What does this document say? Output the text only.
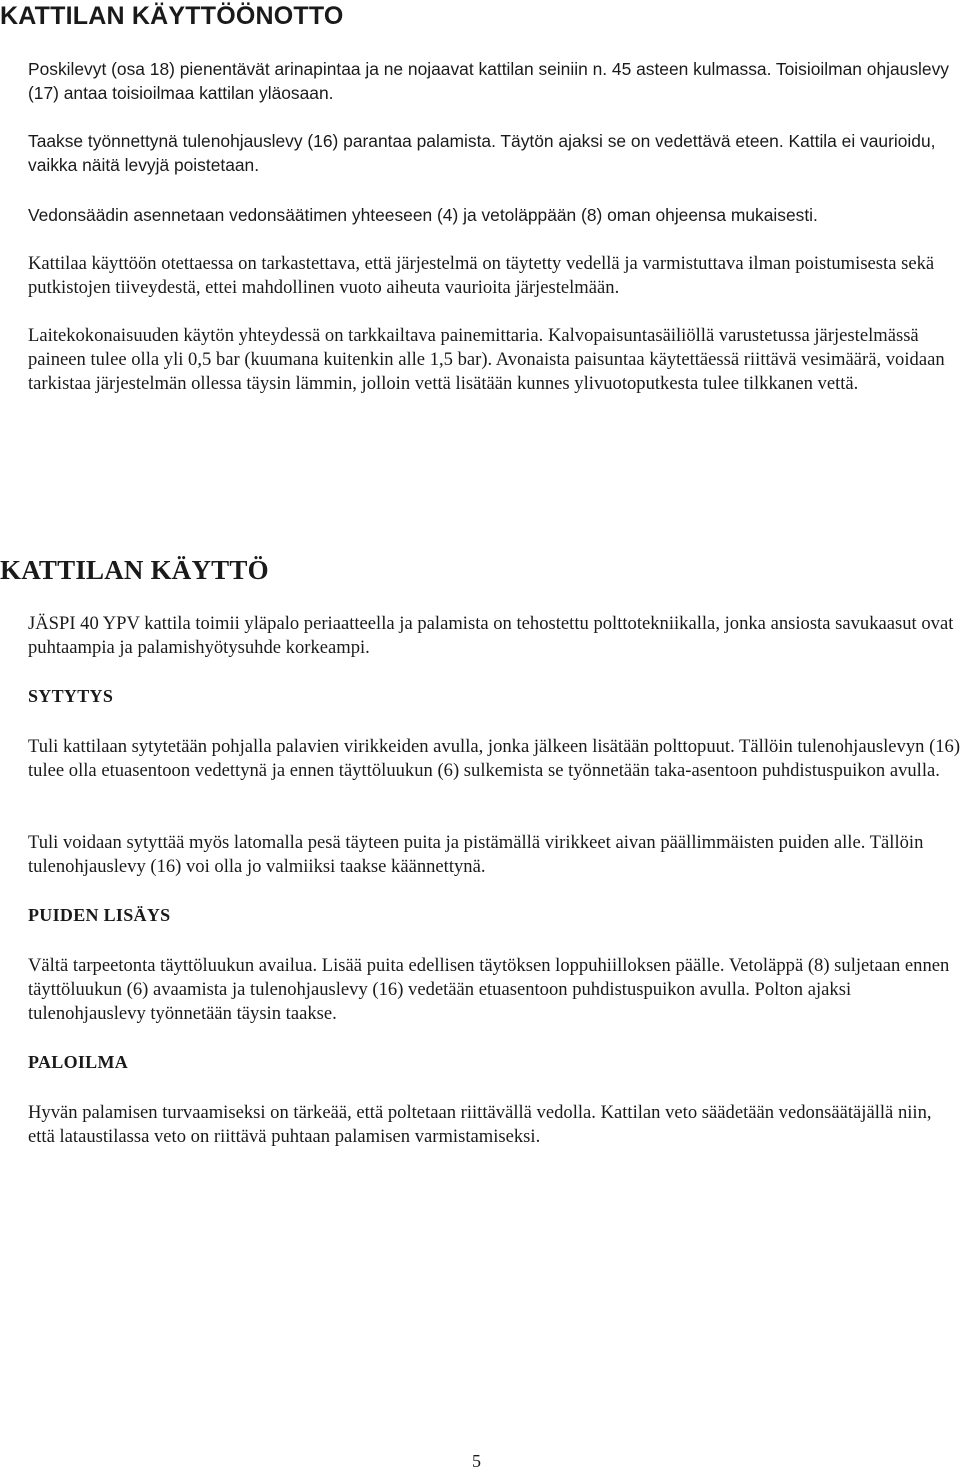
KATTILAN KÄYTTÖÖNOTTO

Poskilevyt (osa 18) pienentävät arinapintaa ja ne nojaavat kattilan seiniin n. 45 asteen kulmassa. Toisioilman ohjauslevy (17) antaa toisioilmaa kattilan yläosaan.

Taakse työnnettynä tulenohjauslevy (16) parantaa palamista. Täytön ajaksi se on vedettävä eteen. Kattila ei vaurioidu, vaikka näitä levyjä poistetaan.

Vedonsäädin asennetaan vedonsäätimen yhteeseen (4) ja vetoläppään (8) oman ohjeensa mukaisesti.

Kattilaa käyttöön otettaessa on tarkastettava, että järjestelmä on täytetty vedellä ja varmistuttava ilman poistumisesta sekä putkistojen tiiveydestä, ettei mahdollinen vuoto aiheuta vaurioita järjestelmään.

Laitekokonaisuuden käytön yhteydessä on tarkkailtava painemittaria. Kalvopaisuntasäiliöllä varustetussa järjestelmässä paineen tulee olla yli 0,5 bar (kuumana kuitenkin alle 1,5 bar). Avonaista paisuntaa käytettäessä riittävä vesimäärä, voidaan tarkistaa järjestelmän ollessa täysin lämmin, jolloin vettä lisätään kunnes ylivuotoputkesta tulee tilkkanen vettä.

KATTILAN KÄYTTÖ

JÄSPI 40 YPV kattila toimii yläpalo periaatteella ja palamista on tehostettu polttotekniikalla, jonka ansiosta savukaasut ovat puhtaampia ja palamishyötysuhde korkeampi.

SYTYTYS

Tuli kattilaan sytytetään pohjalla palavien virikkeiden avulla, jonka jälkeen lisätään polttopuut. Tällöin tulenohjauslevyn (16) tulee olla etuasentoon vedettynä ja ennen täyttöluukun (6) sulkemista se työnnetään taka-asentoon puhdistuspuikon avulla.

Tuli voidaan sytyttää myös latomalla pesä täyteen puita ja pistämällä virikkeet aivan päällimmäisten puiden alle. Tällöin tulenohjauslevy (16) voi olla jo valmiiksi taakse käännettynä.

PUIDEN LISÄYS

Vältä tarpeetonta täyttöluukun availua. Lisää puita edellisen täytöksen loppuhiilloksen päälle. Vetoläppä (8) suljetaan ennen täyttöluukun (6) avaamista ja tulenohjauslevy (16) vedetään etuasentoon puhdistuspuikon avulla. Polton ajaksi tulenohjauslevy työnnetään täysin taakse.

PALOILMA

Hyvän palamisen turvaamiseksi on tärkeää, että poltetaan riittävällä vedolla. Kattilan veto säädetään vedonsäätäjällä niin, että lataustilassa veto on riittävä puhtaan palamisen varmistamiseksi.

5
